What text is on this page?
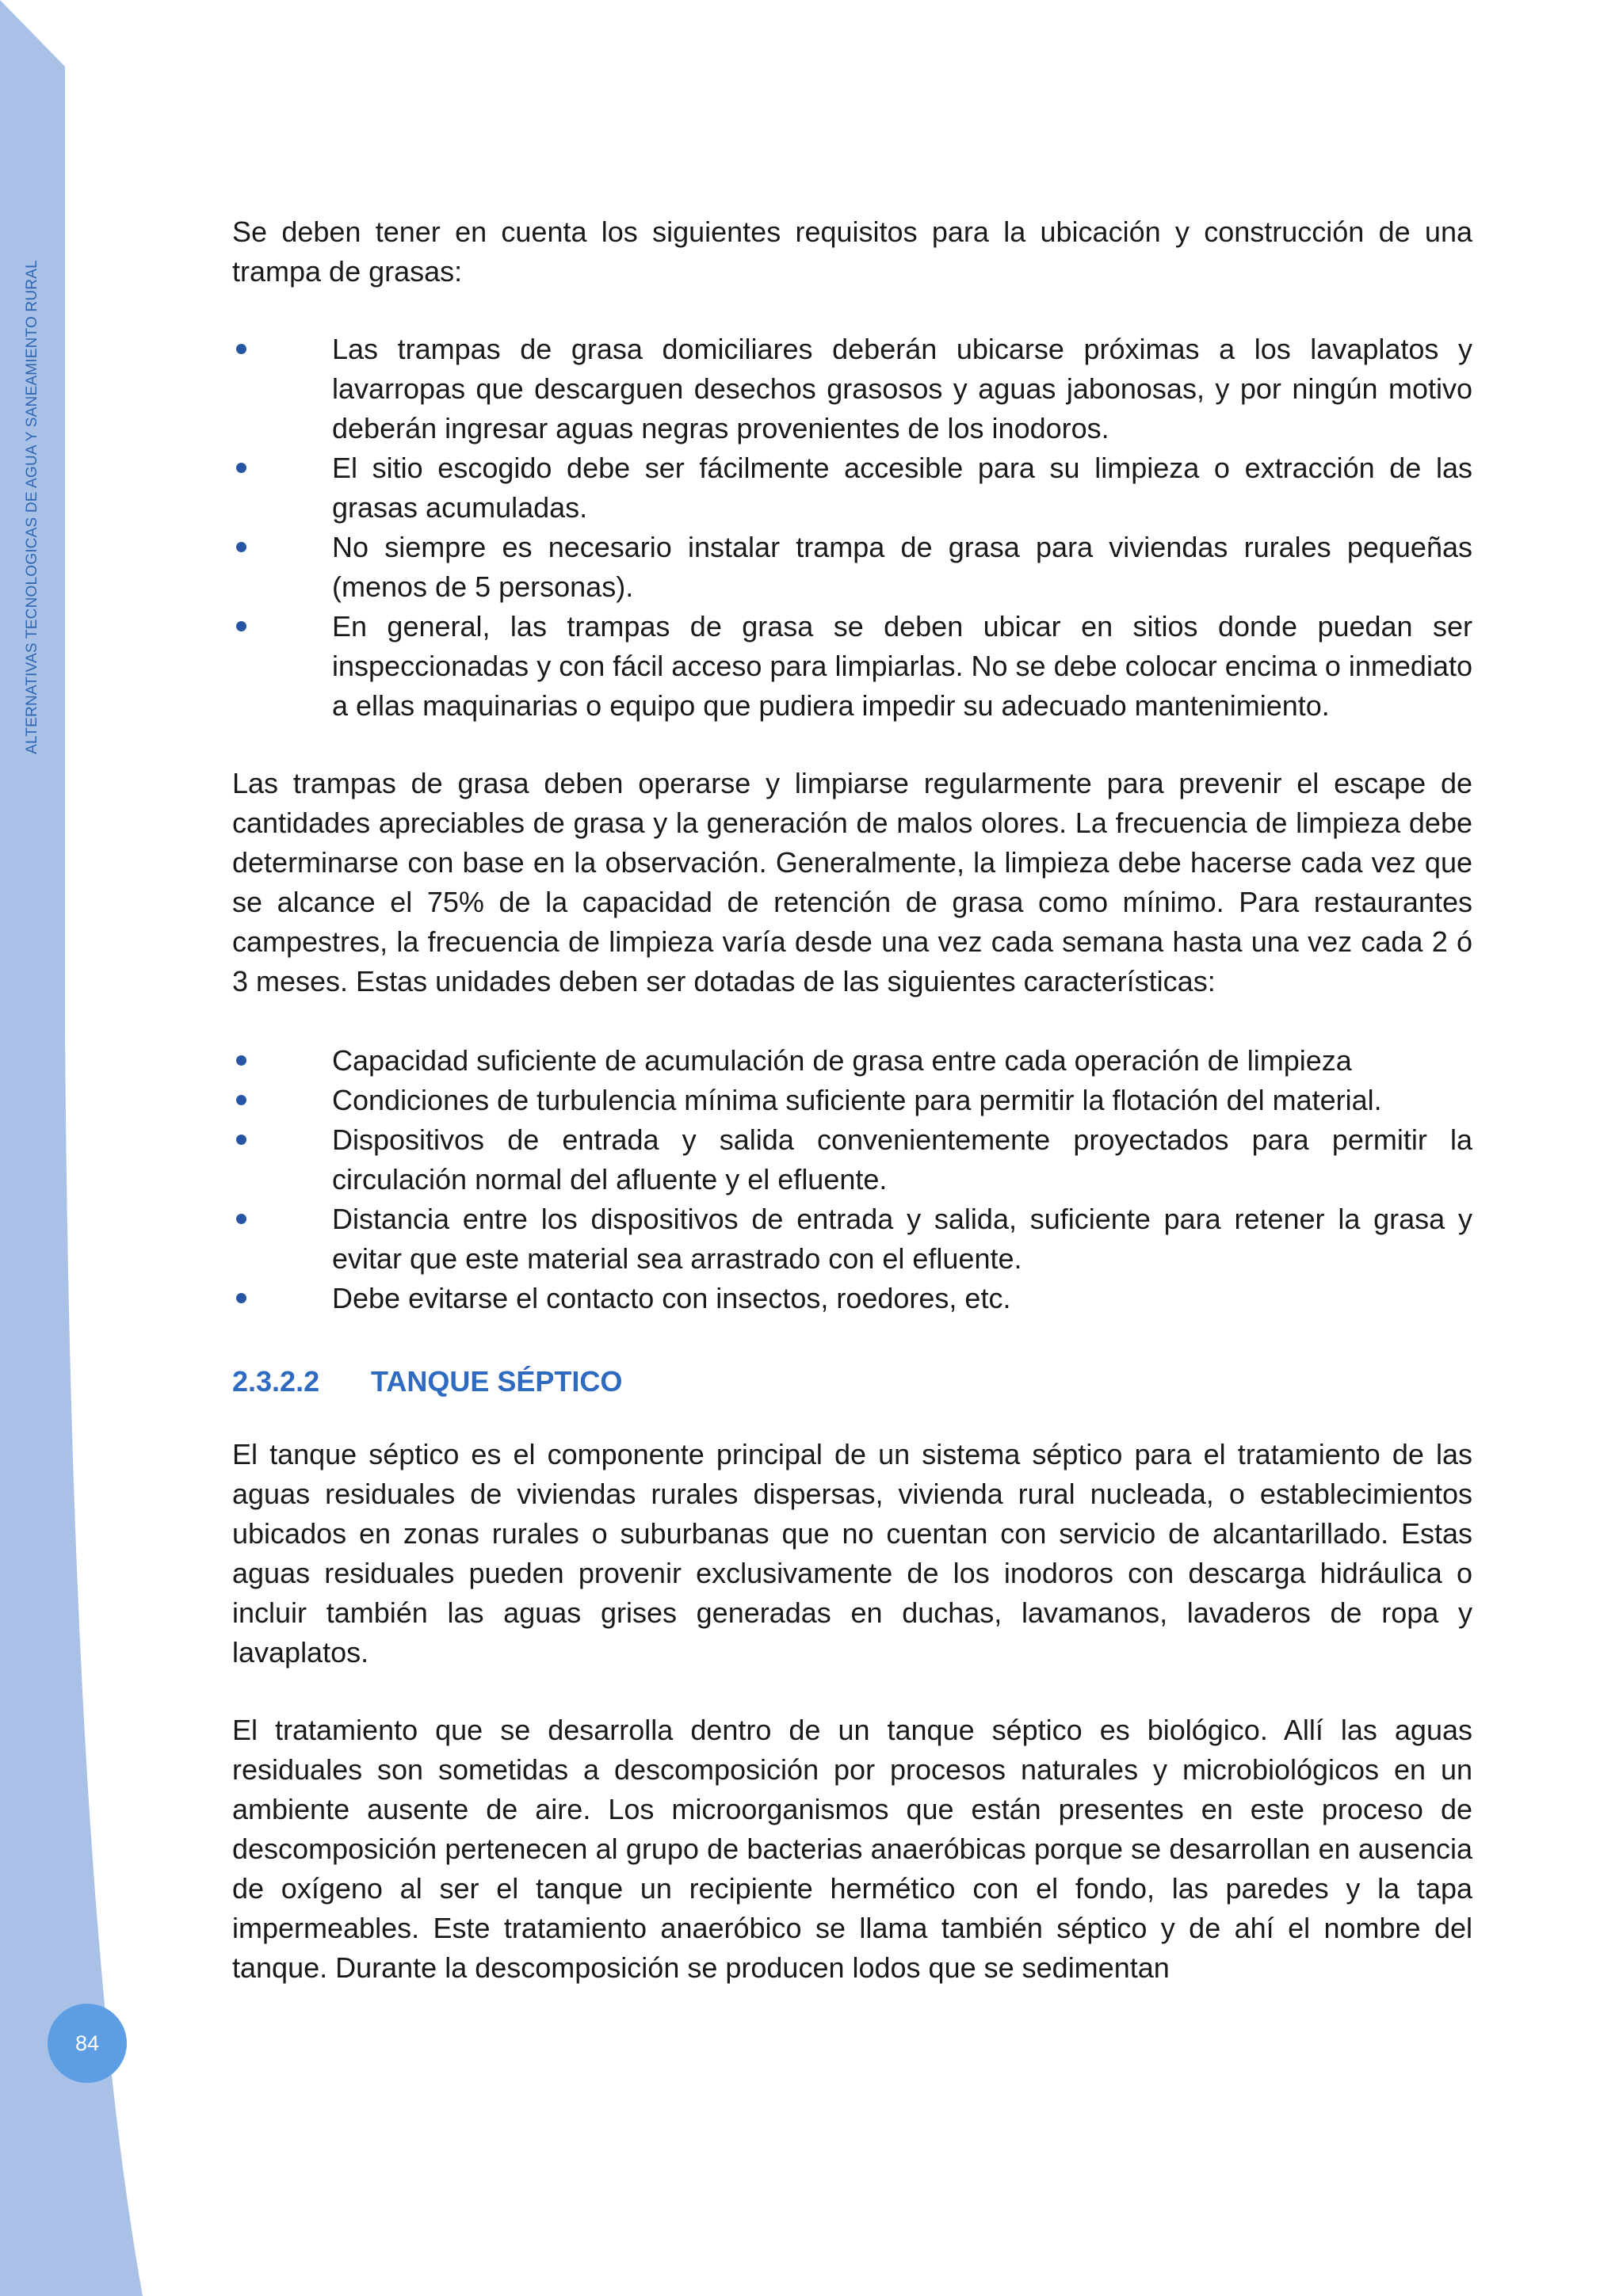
ALTERNATIVAS TECNOLOGICAS DE AGUA Y SANEAMIENTO RURAL
84

Se deben tener en cuenta los siguientes requisitos para la ubicación y construcción de una trampa de grasas:

Las trampas de grasa domiciliares deberán ubicarse próximas a los lavaplatos y lavarropas que descarguen desechos grasosos y aguas jabonosas, y por ningún motivo deberán ingresar aguas negras provenientes de los inodoros.
El sitio escogido debe ser fácilmente accesible para su limpieza o extracción de las grasas acumuladas.
No siempre es necesario instalar trampa de grasa para viviendas rurales pequeñas (menos de 5 personas).
En general, las trampas de grasa se deben ubicar en sitios donde puedan ser inspeccionadas y con fácil acceso para limpiarlas. No se debe colocar encima o inmediato a ellas maquinarias o equipo que pudiera impedir su adecuado mantenimiento.

Las trampas de grasa deben operarse y limpiarse regularmente para prevenir el escape de cantidades apreciables de grasa y la generación de malos olores. La frecuencia de limpieza debe determinarse con base en la observación. Generalmente, la limpieza debe hacerse cada vez que se alcance el 75% de la capacidad de retención de grasa como mínimo. Para restaurantes campestres, la frecuencia de limpieza varía desde una vez cada semana hasta una vez cada 2 ó 3 meses. Estas unidades deben ser dotadas de las siguientes características:

Capacidad suficiente de acumulación de grasa entre cada operación de limpieza
Condiciones de turbulencia mínima suficiente para permitir la flotación del material.
Dispositivos de entrada y salida convenientemente proyectados para permitir la circulación normal del afluente y el efluente.
Distancia entre los dispositivos de entrada y salida, suficiente para retener la grasa y evitar que este material sea arrastrado con el efluente.
Debe evitarse el contacto con insectos, roedores, etc.
2.3.2.2 TANQUE SÉPTICO

El tanque séptico es el componente principal de un sistema séptico para el tratamiento de las aguas residuales de viviendas rurales dispersas, vivienda rural nucleada, o establecimientos ubicados en zonas rurales o suburbanas que no cuentan con servicio de alcantarillado. Estas aguas residuales pueden provenir exclusivamente de los inodoros con descarga hidráulica o incluir también las aguas grises generadas en duchas, lavamanos, lavaderos de ropa y lavaplatos.

El tratamiento que se desarrolla dentro de un tanque séptico es biológico. Allí las aguas residuales son sometidas a descomposición por procesos naturales y microbiológicos en un ambiente ausente de aire. Los microorganismos que están presentes en este proceso de descomposición pertenecen al grupo de bacterias anaeróbicas porque se desarrollan en ausencia de oxígeno al ser el tanque un recipiente hermético con el fondo, las paredes y la tapa impermeables. Este tratamiento anaeróbico se llama también séptico y de ahí el nombre del tanque. Durante la descomposición se producen lodos que se sedimentan
